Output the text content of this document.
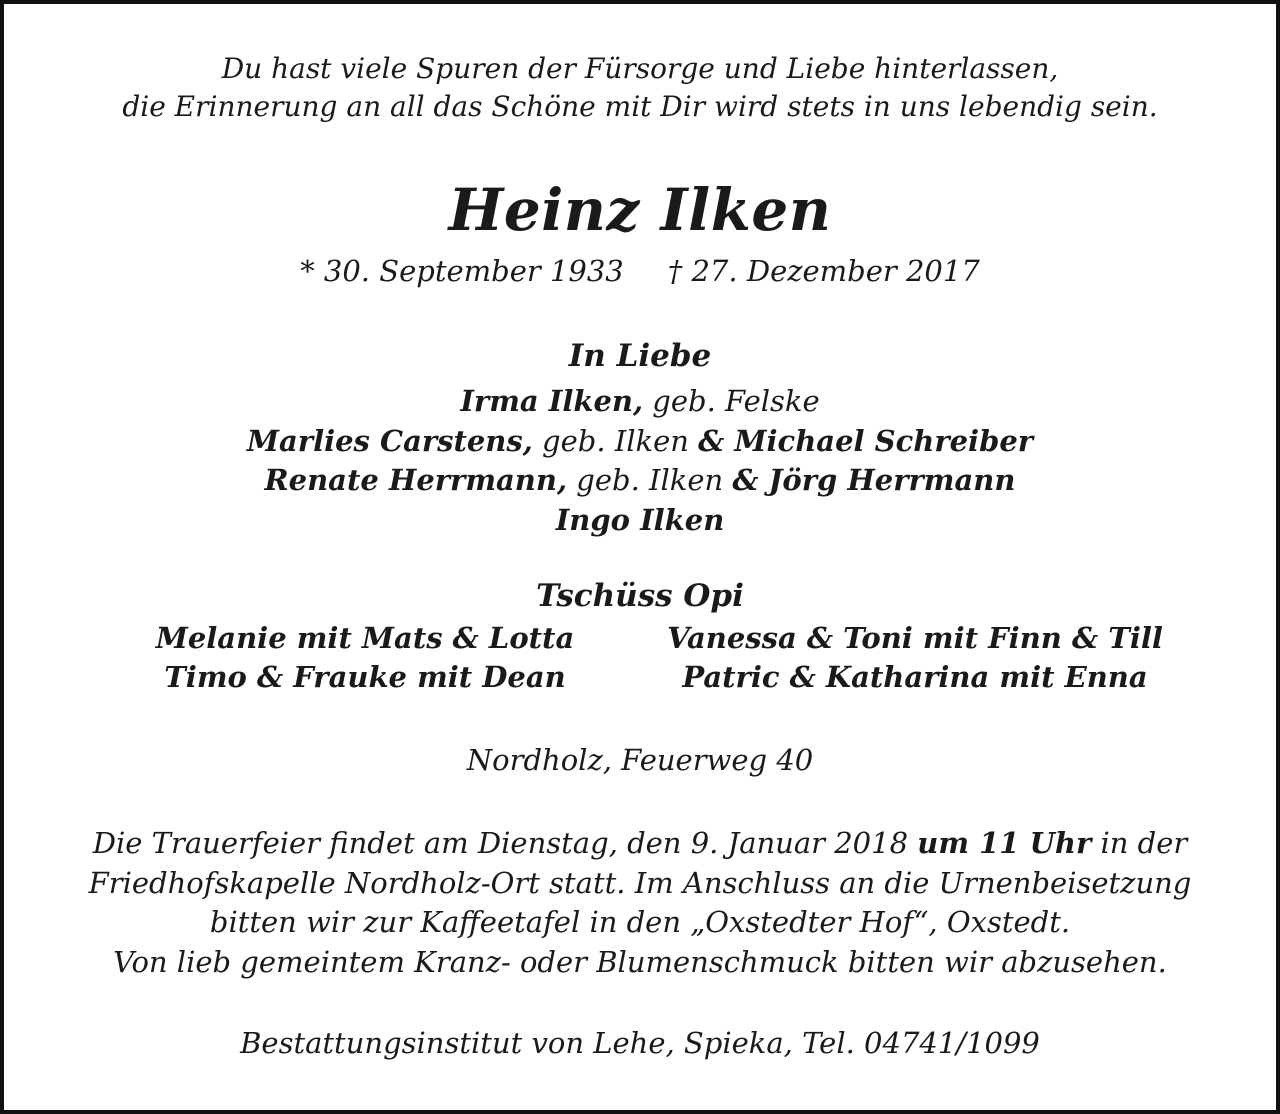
Du hast viele Spuren der Fürsorge und Liebe hinterlassen,
die Erinnerung an all das Schöne mit Dir wird stets in uns lebendig sein.
Heinz Ilken
* 30. September 1933 † 27. Dezember 2017
In Liebe
Irma Ilken, geb. Felske
Marlies Carstens, geb. Ilken & Michael Schreiber
Renate Herrmann, geb. Ilken & Jörg Herrmann
Ingo Ilken
Tschüss Opi
Melanie mit Mats & Lotta
Timo & Frauke mit Dean
Vanessa & Toni mit Finn & Till
Patric & Katharina mit Enna
Nordholz, Feuerweg 40
Die Trauerfeier findet am Dienstag, den 9. Januar 2018 um 11 Uhr in der
Friedhofskapelle Nordholz-Ort statt. Im Anschluss an die Urnenbeisetzung
bitten wir zur Kaffeetafel in den „Oxstedter Hof“, Oxstedt.
Von lieb gemeintem Kranz- oder Blumenschmuck bitten wir abzusehen.
Bestattungsinstitut von Lehe, Spieka, Tel. 04741/1099
